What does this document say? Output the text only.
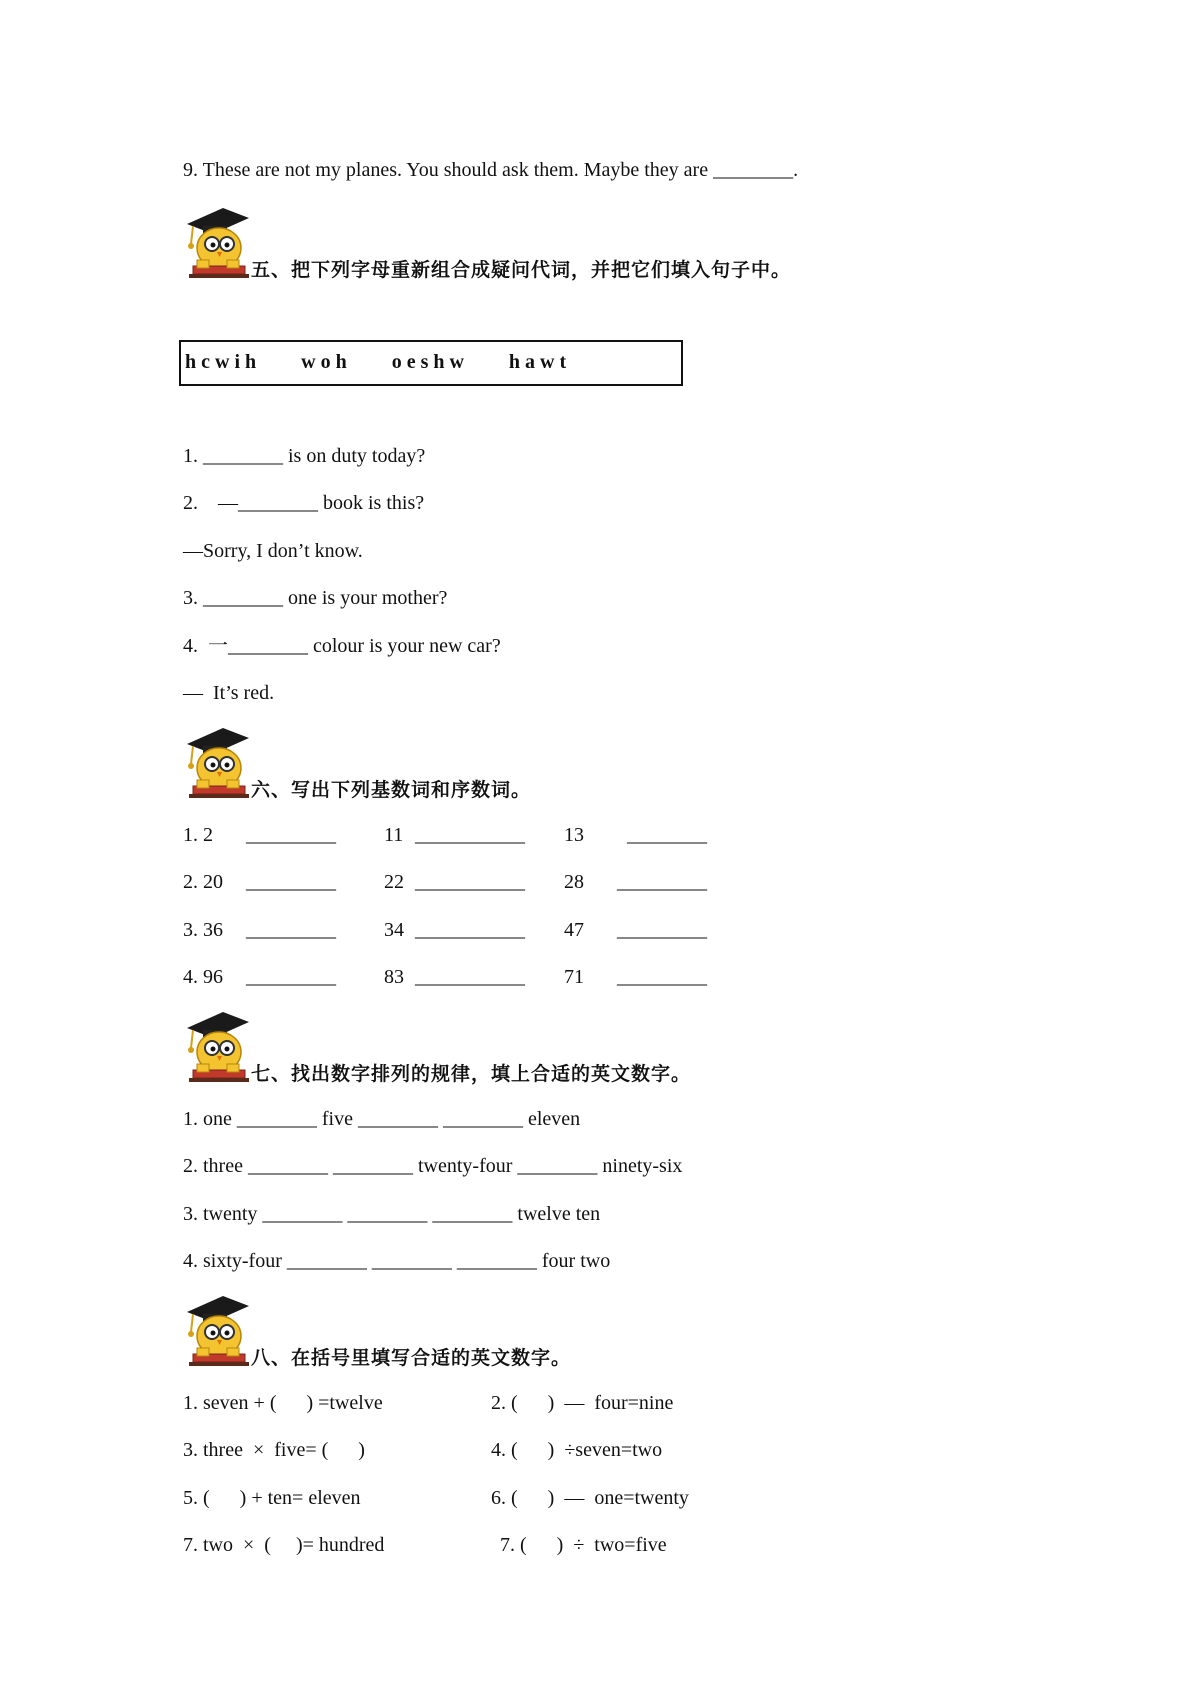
9. These are not my planes. You should ask them. Maybe they are ________.
五、把下列字母重新组合成疑问代词，并把它们填入句子中。
hcwih    woh    oeshw    hawt
1. ________ is on duty today?
2.    —________ book is this?
—Sorry, I don’t know.
3. ________ one is your mother?
4.  一________ colour is your new car?
—  It’s red.
六、写出下列基数词和序数词。
1. 2 _________ 11 ___________ 13 ________
2. 20 _________ 22 ___________ 28 _________
3. 36 _________ 34 ___________ 47 _________
4. 96 _________ 83 ___________ 71 _________
七、找出数字排列的规律，填上合适的英文数字。
1. one ________ five ________ ________ eleven
2. three ________ ________ twenty-four ________ ninety-six
3. twenty ________ ________ ________ twelve ten
4. sixty-four ________ ________ ________ four two
八、在括号里填写合适的英文数字。
1. seven + (      ) =twelve	2. (      )  —  four=nine
3. three  ×  five= (      )	4. (      )  ÷seven=two
5. (      ) + ten= eleven	6. (      )  —  one=twenty
7. two  ×  (     )= hundred	7. (      )  ÷  two=five
